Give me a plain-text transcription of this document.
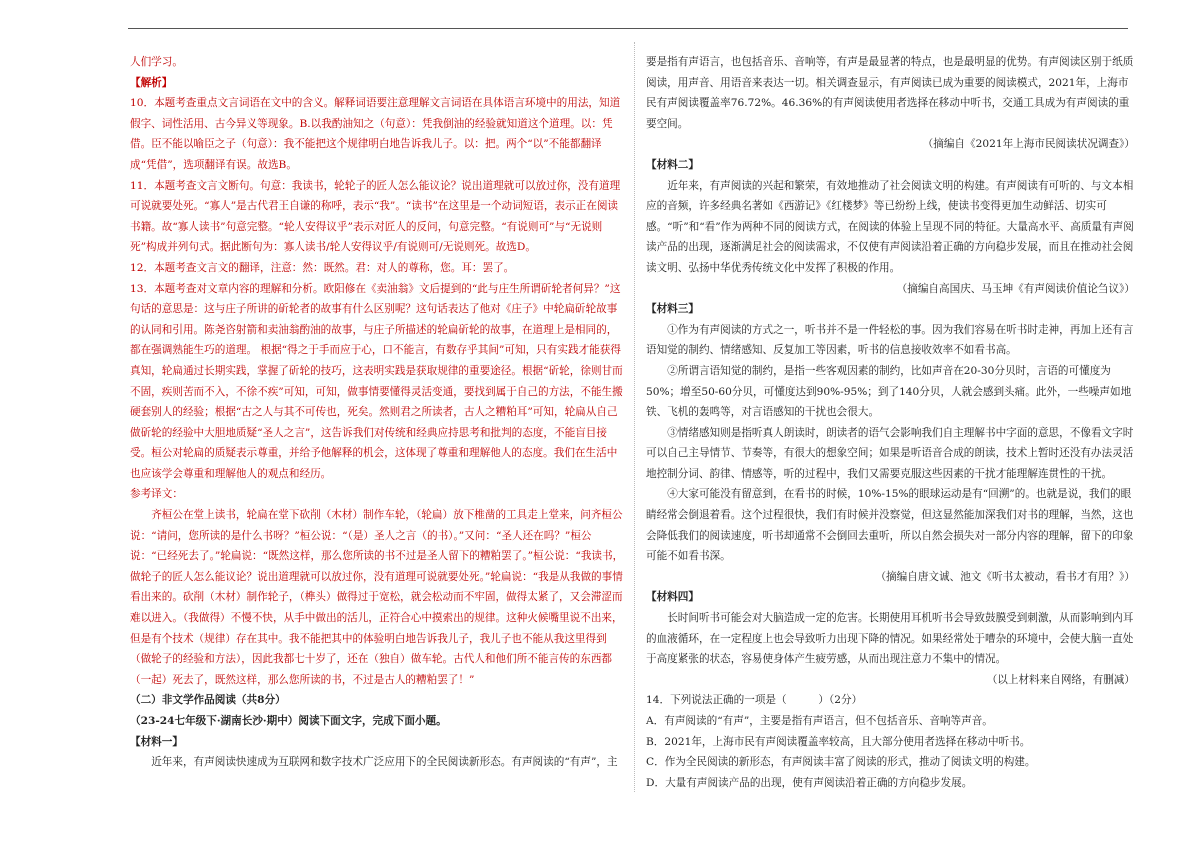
人们学习。

【解析】

10．本题考查重点文言词语在文中的含义。解释词语要注意理解文言词语在具体语言环境中的用法，知道假字、词性活用、古今异义等现象。B.以我酌油知之（句意）：凭我倒油的经验就知道这个道理。以：凭借。臣不能以喻臣之子（句意）：我不能把这个规律明白地告诉我儿子。以：把。两个“以”不能都翻译成“凭借”，选项翻译有误。故选B。

11．本题考查文言文断句。句意：我读书，轮轮子的匠人怎么能议论？说出道理就可以放过你，没有道理可说就要处死。“寡人”是古代君王自谦的称呼，表示“我”。“读书”在这里是一个动词短语，表示正在阅读书籍。故“寡人读书”句意完整。“轮人安得议乎”表示对匠人的反问，句意完整。“有说则可”与“无说则死”构成并列句式。据此断句为：寡人读书/轮人安得议乎/有说则可/无说则死。故选D。

12．本题考查文言文的翻译，注意：然：既然。君：对人的尊称，您。耳：罢了。

13．本题考查对文章内容的理解和分析。欧阳修在《卖油翁》文后提到的“此与庄生所谓斫轮者何异？”这句话的意思是：这与庄子所讲的斫轮者的故事有什么区别呢？这句话表达了他对《庄子》中轮扁斫轮故事的认同和引用。陈尧咨射箭和卖油翁酌油的故事，与庄子所描述的轮扁斫轮的故事，在道理上是相同的，都在强调熟能生巧的道理。 根据“得之于手而应于心，口不能言，有数存乎其间”可知，只有实践才能获得真知，轮扁通过长期实践，掌握了斫轮的技巧，这表明实践是获取规律的重要途径。根据“斫轮，徐则甘而不固，疾则苦而不入，不徐不疾”可知，可知，做事情要懂得灵活变通，要找到属于自己的方法，不能生搬硬套别人的经验；根据“古之人与其不可传也，死矣。然则君之所读者，古人之糟粕耳”可知，轮扁从自己做斫轮的经验中大胆地质疑“圣人之言”，这告诉我们对传统和经典应持思考和批判的态度，不能盲目接受。桓公对轮扁的质疑表示尊重，并给予他解释的机会，这体现了尊重和理解他人的态度。我们在生活中也应该学会尊重和理解他人的观点和经历。

参考译文：

齐桓公在堂上读书，轮扁在堂下砍削（木材）制作车轮，（轮扁）放下椎凿的工具走上堂来，问齐桓公说：“请问，您所读的是什么书呀？”桓公说：“（是）圣人之言（的书）。”又问：“圣人还在吗？”桓公说：“已经死去了。”轮扁说：“既然这样，那么您所读的书不过是圣人留下的糟粕罢了。”桓公说：“我读书，做轮子的匠人怎么能议论？说出道理就可以放过你，没有道理可说就要处死。”轮扁说：“我是从我做的事情看出来的。砍削（木材）制作轮子，（榫头）做得过于宽松，就会松动而不牢固，做得太紧了，又会滞涩而难以进入。（我做得）不慢不快，从手中做出的活儿，正符合心中摸索出的规律。这种火候嘴里说不出来，但是有个技术（规律）存在其中。我不能把其中的体验明白地告诉我儿子，我儿子也不能从我这里得到（做轮子的经验和方法），因此我都七十岁了，还在（独自）做车轮。古代人和他们所不能言传的东西都（一起）死去了，既然这样，那么您所读的书，不过是古人的糟粕罢了！”

（二）非文学作品阅读（共8分）

（23-24七年级下·湖南长沙·期中）阅读下面文字，完成下面小题。

【材料一】

近年来，有声阅读快速成为互联网和数字技术广泛应用下的全民阅读新形态。有声阅读的“有声”，主

要是指有声语言，也包括音乐、音响等，有声是最显著的特点，也是最明显的优势。有声阅读区别于纸质阅读，用声音、用语音来表达一切。相关调查显示，有声阅读已成为重要的阅读模式，2021年，上海市民有声阅读覆盖率76.72%。46.36%的有声阅读使用者选择在移动中听书，交通工具成为有声阅读的重要空间。

（摘编自《2021年上海市民阅读状况调查》）

【材料二】

近年来，有声阅读的兴起和繁荣，有效地推动了社会阅读文明的构建。有声阅读有可听的、与文本相应的音频，许多经典名著如《西游记》《红楼梦》等已纷纷上线，使读书变得更加生动鲜活、切实可感。“听”和“看”作为两种不同的阅读方式，在阅读的体验上呈现不同的特征。大量高水平、高质量有声阅读产品的出现，逐渐满足社会的阅读需求，不仅使有声阅读沿着正确的方向稳步发展，而且在推动社会阅读文明、弘扬中华优秀传统文化中发挥了积极的作用。

（摘编自高国庆、马玉坤《有声阅读价值论刍议》）

【材料三】

①作为有声阅读的方式之一，听书并不是一件轻松的事。因为我们容易在听书时走神，再加上还有言语知觉的制约、情绪感知、反复加工等因素，听书的信息接收效率不如看书高。

②所谓言语知觉的制约，是指一些客观因素的制约，比如声音在20-30分贝时，言语的可懂度为50%；增至50-60分贝，可懂度达到90%-95%；到了140分贝，人就会感到头痛。此外，一些噪声如地铁、飞机的轰鸣等，对言语感知的干扰也会很大。

③情绪感知则是指听真人朗读时，朗读者的语气会影响我们自主理解书中字面的意思，不像看文字时可以自己主导情节、节奏等，有很大的想象空间；如果是听语音合成的朗读，技术上暂时还没有办法灵活地控制分词、韵律、情感等，听的过程中，我们又需要克服这些因素的干扰才能理解连贯性的干扰。

④大家可能没有留意到，在看书的时候，10%-15%的眼球运动是有“回溯”的。也就是说，我们的眼睛经常会倒退着看。这个过程很快，我们有时候并没察觉，但这显然能加深我们对书的理解，当然，这也会降低我们的阅读速度，听书却通常不会倒回去重听，所以自然会损失对一部分内容的理解，留下的印象可能不如看书深。

（摘编自唐文诚、池文《听书太被动，看书才有用？》）

【材料四】

长时间听书可能会对大脑造成一定的危害。长期使用耳机听书会导致鼓膜受到刺激，从而影响到内耳的血液循环，在一定程度上也会导致听力出现下降的情况。如果经常处于嘈杂的环境中，会使大脑一直处于高度紧张的状态，容易使身体产生疲劳感，从而出现注意力不集中的情况。

（以上材料来自网络，有删减）

14．下列说法正确的一项是（　　　）（2分）

A．有声阅读的“有声”，主要是指有声语言，但不包括音乐、音响等声音。

B．2021年，上海市民有声阅读覆盖率较高，且大部分使用者选择在移动中听书。

C．作为全民阅读的新形态，有声阅读丰富了阅读的形式，推动了阅读文明的构建。

D．大量有声阅读产品的出现，使有声阅读沿着正确的方向稳步发展。
